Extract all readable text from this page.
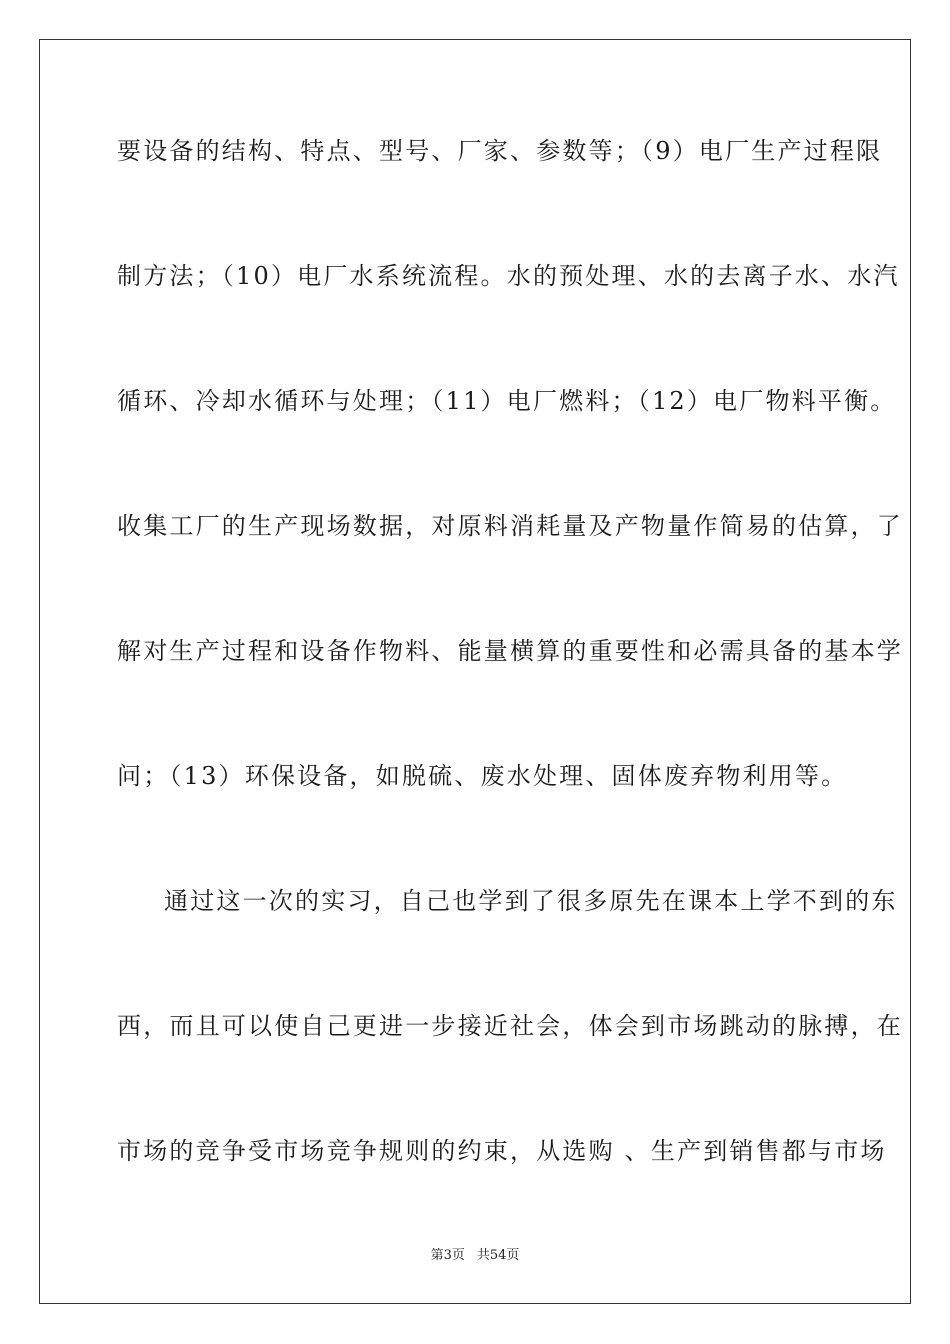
要设备的结构、特点、型号、厂家、参数等；（9）电厂生产过程限
制方法；（10）电厂水系统流程。水的预处理、水的去离子水、水汽
循环、冷却水循环与处理；（11）电厂燃料；（12）电厂物料平衡。
收集工厂的生产现场数据，对原料消耗量及产物量作简易的估算，了
解对生产过程和设备作物料、能量横算的重要性和必需具备的基本学
问；（13）环保设备，如脱硫、废水处理、固体废弃物利用等。
通过这一次的实习，自己也学到了很多原先在课本上学不到的东
西，而且可以使自己更进一步接近社会，体会到市场跳动的脉搏，在
市场的竞争受市场竞争规则的约束，从选购 、生产到销售都与市场
第3页 共54页
